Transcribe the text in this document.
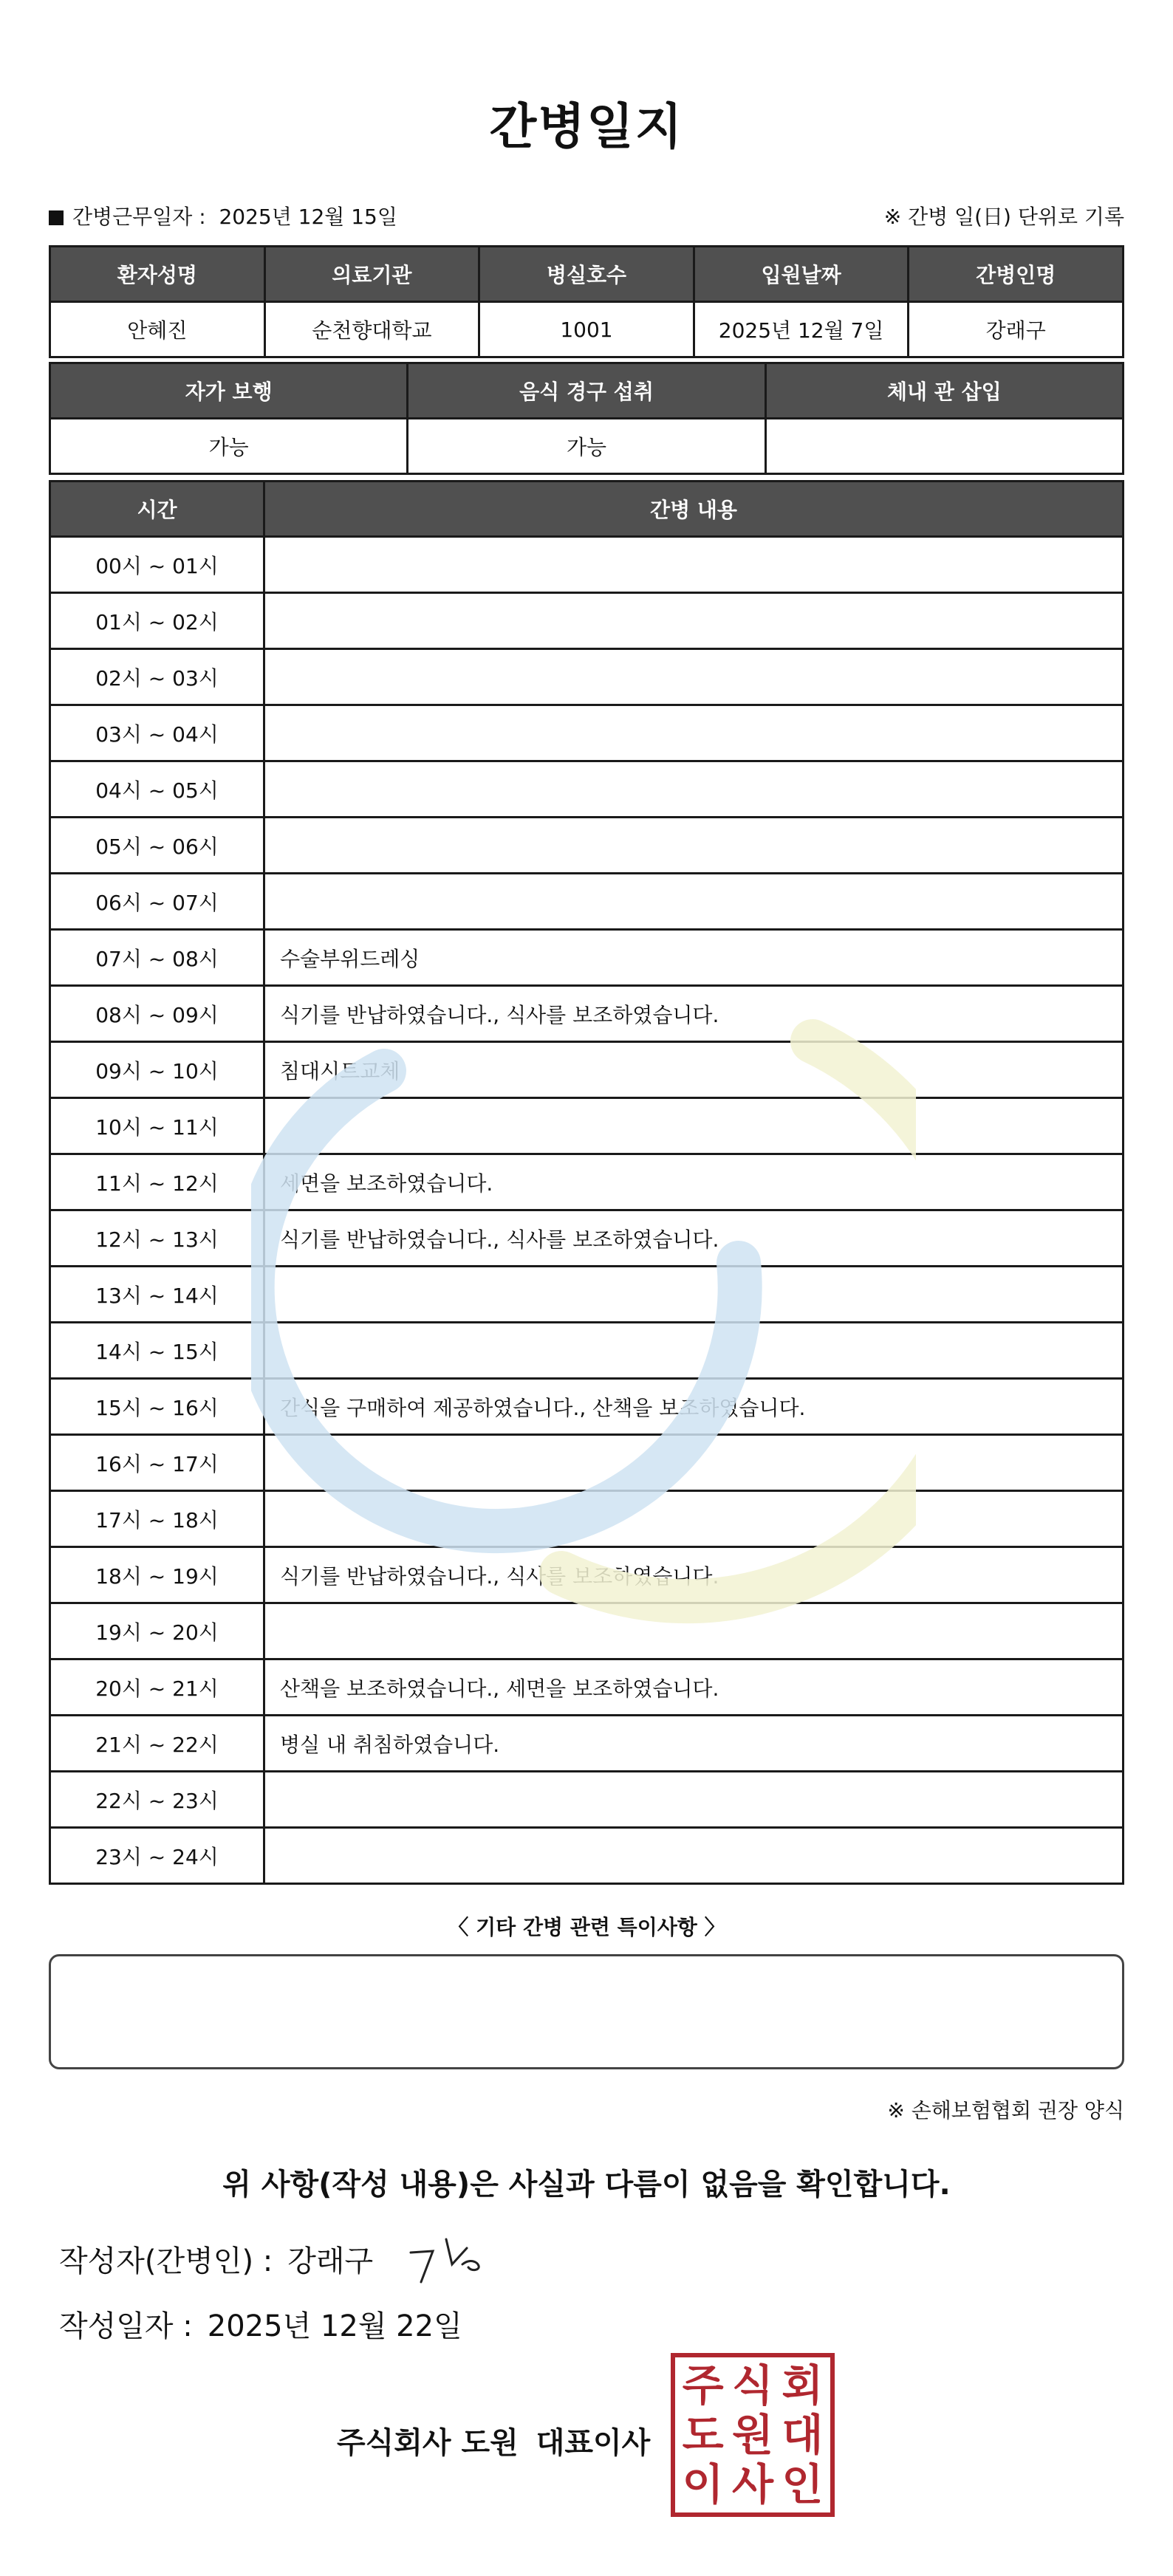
간병일지
간병근무일자 : 2025년 12월 15일	※ 간병 일(日) 단위로 기록
환자성명	의료기관	병실호수	입원날짜	간병인명
안혜진	순천향대학교	1001	2025년 12월 7일	강래구
자가 보행	음식 경구 섭취	체내 관 삽입
가능	가능	
시간	간병 내용
00시 ~ 01시	
01시 ~ 02시	
02시 ~ 03시	
03시 ~ 04시	
04시 ~ 05시	
05시 ~ 06시	
06시 ~ 07시	
07시 ~ 08시	수술부위드레싱
08시 ~ 09시	식기를 반납하였습니다., 식사를 보조하였습니다.
09시 ~ 10시	침대시트교체
10시 ~ 11시	
11시 ~ 12시	세면을 보조하였습니다.
12시 ~ 13시	식기를 반납하였습니다., 식사를 보조하였습니다.
13시 ~ 14시	
14시 ~ 15시	
15시 ~ 16시	간식을 구매하여 제공하였습니다., 산책을 보조하였습니다.
16시 ~ 17시	
17시 ~ 18시	
18시 ~ 19시	식기를 반납하였습니다., 식사를 보조하였습니다.
19시 ~ 20시	
20시 ~ 21시	산책을 보조하였습니다., 세면을 보조하였습니다.
21시 ~ 22시	병실 내 취침하였습니다.
22시 ~ 23시	
23시 ~ 24시	
〈 기타 간병 관련 특이사항 〉
※ 손해보험협회 권장 양식
위 사항(작성 내용)은 사실과 다름이 없음을 확인합니다.
작성자(간병인) : 강래구
작성일자 : 2025년 12월 22일
주식회사 도원 대표이사
주 식 회
도 원 대
이 사 인
